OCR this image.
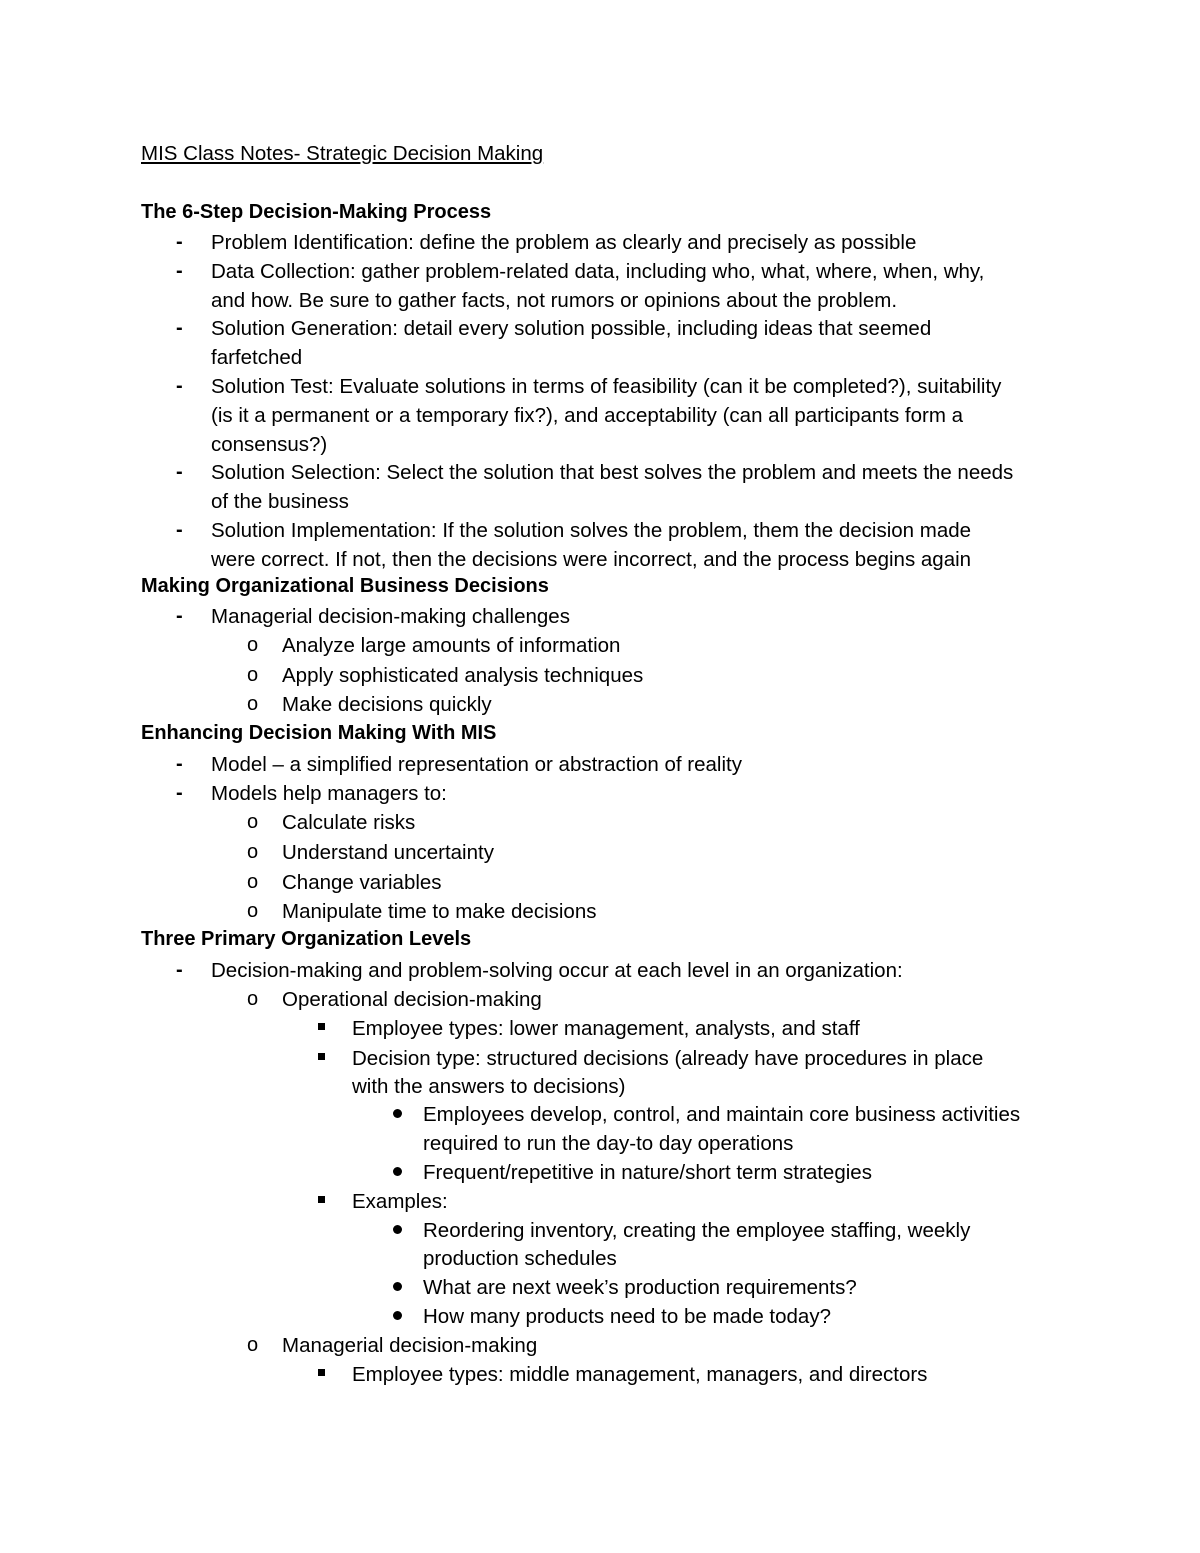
MIS Class Notes- Strategic Decision Making
The 6-Step Decision-Making Process
- Problem Identification: define the problem as clearly and precisely as possible
- Data Collection: gather problem-related data, including who, what, where, when, why,
and how. Be sure to gather facts, not rumors or opinions about the problem.
- Solution Generation: detail every solution possible, including ideas that seemed
farfetched
- Solution Test: Evaluate solutions in terms of feasibility (can it be completed?), suitability
(is it a permanent or a temporary fix?), and acceptability (can all participants form a
consensus?)
- Solution Selection: Select the solution that best solves the problem and meets the needs
of the business
- Solution Implementation: If the solution solves the problem, them the decision made
were correct. If not, then the decisions were incorrect, and the process begins again
Making Organizational Business Decisions
- Managerial decision-making challenges
o Analyze large amounts of information
o Apply sophisticated analysis techniques
o Make decisions quickly
Enhancing Decision Making With MIS
- Model – a simplified representation or abstraction of reality
- Models help managers to:
o Calculate risks
o Understand uncertainty
o Change variables
o Manipulate time to make decisions
Three Primary Organization Levels
- Decision-making and problem-solving occur at each level in an organization:
o Operational decision-making
Employee types: lower management, analysts, and staff
Decision type: structured decisions (already have procedures in place
with the answers to decisions)
Employees develop, control, and maintain core business activities
required to run the day-to day operations
Frequent/repetitive in nature/short term strategies
Examples:
Reordering inventory, creating the employee staffing, weekly
production schedules
What are next week’s production requirements?
How many products need to be made today?
o Managerial decision-making
Employee types: middle management, managers, and directors
